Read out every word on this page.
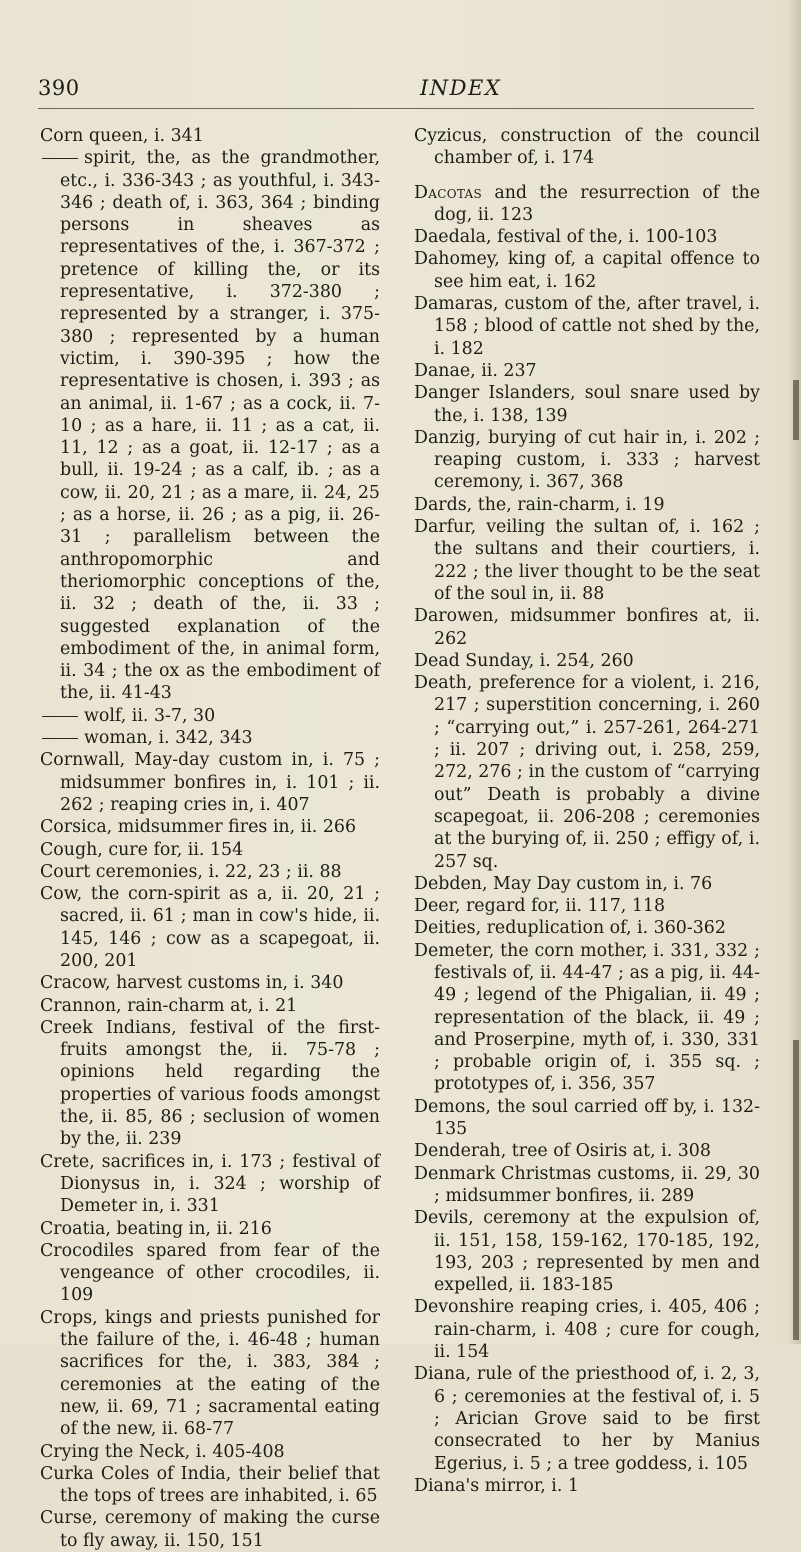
390	INDEX

Corn queen, i. 341

spirit, the, as the grandmother, etc., i. 336-343 ; as youthful, i. 343-346 ; death of, i. 363, 364 ; binding persons in sheaves as representatives of the, i. 367-372 ; pretence of killing the, or its representative, i. 372-380 ; represented by a stranger, i. 375-380 ; represented by a human victim, i. 390-395 ; how the representative is chosen, i. 393 ; as an animal, ii. 1-67 ; as a cock, ii. 7-10 ; as a hare, ii. 11 ; as a cat, ii. 11, 12 ; as a goat, ii. 12-17 ; as a bull, ii. 19-24 ; as a calf, ib. ; as a cow, ii. 20, 21 ; as a mare, ii. 24, 25 ; as a horse, ii. 26 ; as a pig, ii. 26-31 ; parallelism between the anthropomorphic and theriomorphic conceptions of the, ii. 32 ; death of the, ii. 33 ; suggested explanation of the embodiment of the, in animal form, ii. 34 ; the ox as the embodiment of the, ii. 41-43

wolf, ii. 3-7, 30

woman, i. 342, 343

Cornwall, May-day custom in, i. 75 ; midsummer bonfires in, i. 101 ; ii. 262 ; reaping cries in, i. 407

Corsica, midsummer fires in, ii. 266

Cough, cure for, ii. 154

Court ceremonies, i. 22, 23 ; ii. 88

Cow, the corn-spirit as a, ii. 20, 21 ; sacred, ii. 61 ; man in cow's hide, ii. 145, 146 ; cow as a scapegoat, ii. 200, 201

Cracow, harvest customs in, i. 340

Crannon, rain-charm at, i. 21

Creek Indians, festival of the first-fruits amongst the, ii. 75-78 ; opinions held regarding the properties of various foods amongst the, ii. 85, 86 ; seclusion of women by the, ii. 239

Crete, sacrifices in, i. 173 ; festival of Dionysus in, i. 324 ; worship of Demeter in, i. 331

Croatia, beating in, ii. 216

Crocodiles spared from fear of the vengeance of other crocodiles, ii. 109

Crops, kings and priests punished for the failure of the, i. 46-48 ; human sacrifices for the, i. 383, 384 ; ceremonies at the eating of the new, ii. 69, 71 ; sacramental eating of the new, ii. 68-77

Crying the Neck, i. 405-408

Curka Coles of India, their belief that the tops of trees are inhabited, i. 65

Curse, ceremony of making the curse to fly away, ii. 150, 151

Cyzicus, construction of the council chamber of, i. 174

Dacotas and the resurrection of the dog, ii. 123

Daedala, festival of the, i. 100-103

Dahomey, king of, a capital offence to see him eat, i. 162

Damaras, custom of the, after travel, i. 158 ; blood of cattle not shed by the, i. 182

Danae, ii. 237

Danger Islanders, soul snare used by the, i. 138, 139

Danzig, burying of cut hair in, i. 202 ; reaping custom, i. 333 ; harvest ceremony, i. 367, 368

Dards, the, rain-charm, i. 19

Darfur, veiling the sultan of, i. 162 ; the sultans and their courtiers, i. 222 ; the liver thought to be the seat of the soul in, ii. 88

Darowen, midsummer bonfires at, ii. 262

Dead Sunday, i. 254, 260

Death, preference for a violent, i. 216, 217 ; superstition concerning, i. 260 ; “carrying out,” i. 257-261, 264-271 ; ii. 207 ; driving out, i. 258, 259, 272, 276 ; in the custom of “carrying out” Death is probably a divine scapegoat, ii. 206-208 ; ceremonies at the burying of, ii. 250 ; effigy of, i. 257 sq.

Debden, May Day custom in, i. 76

Deer, regard for, ii. 117, 118

Deities, reduplication of, i. 360-362

Demeter, the corn mother, i. 331, 332 ; festivals of, ii. 44-47 ; as a pig, ii. 44-49 ; legend of the Phigalian, ii. 49 ; representation of the black, ii. 49 ; and Proserpine, myth of, i. 330, 331 ; probable origin of, i. 355 sq. ; prototypes of, i. 356, 357

Demons, the soul carried off by, i. 132-135

Denderah, tree of Osiris at, i. 308

Denmark Christmas customs, ii. 29, 30 ; midsummer bonfires, ii. 289

Devils, ceremony at the expulsion of, ii. 151, 158, 159-162, 170-185, 192, 193, 203 ; represented by men and expelled, ii. 183-185

Devonshire reaping cries, i. 405, 406 ; rain-charm, i. 408 ; cure for cough, ii. 154

Diana, rule of the priesthood of, i. 2, 3, 6 ; ceremonies at the festival of, i. 5 ; Arician Grove said to be first consecrated to her by Manius Egerius, i. 5 ; a tree goddess, i. 105

Diana's mirror, i. 1
